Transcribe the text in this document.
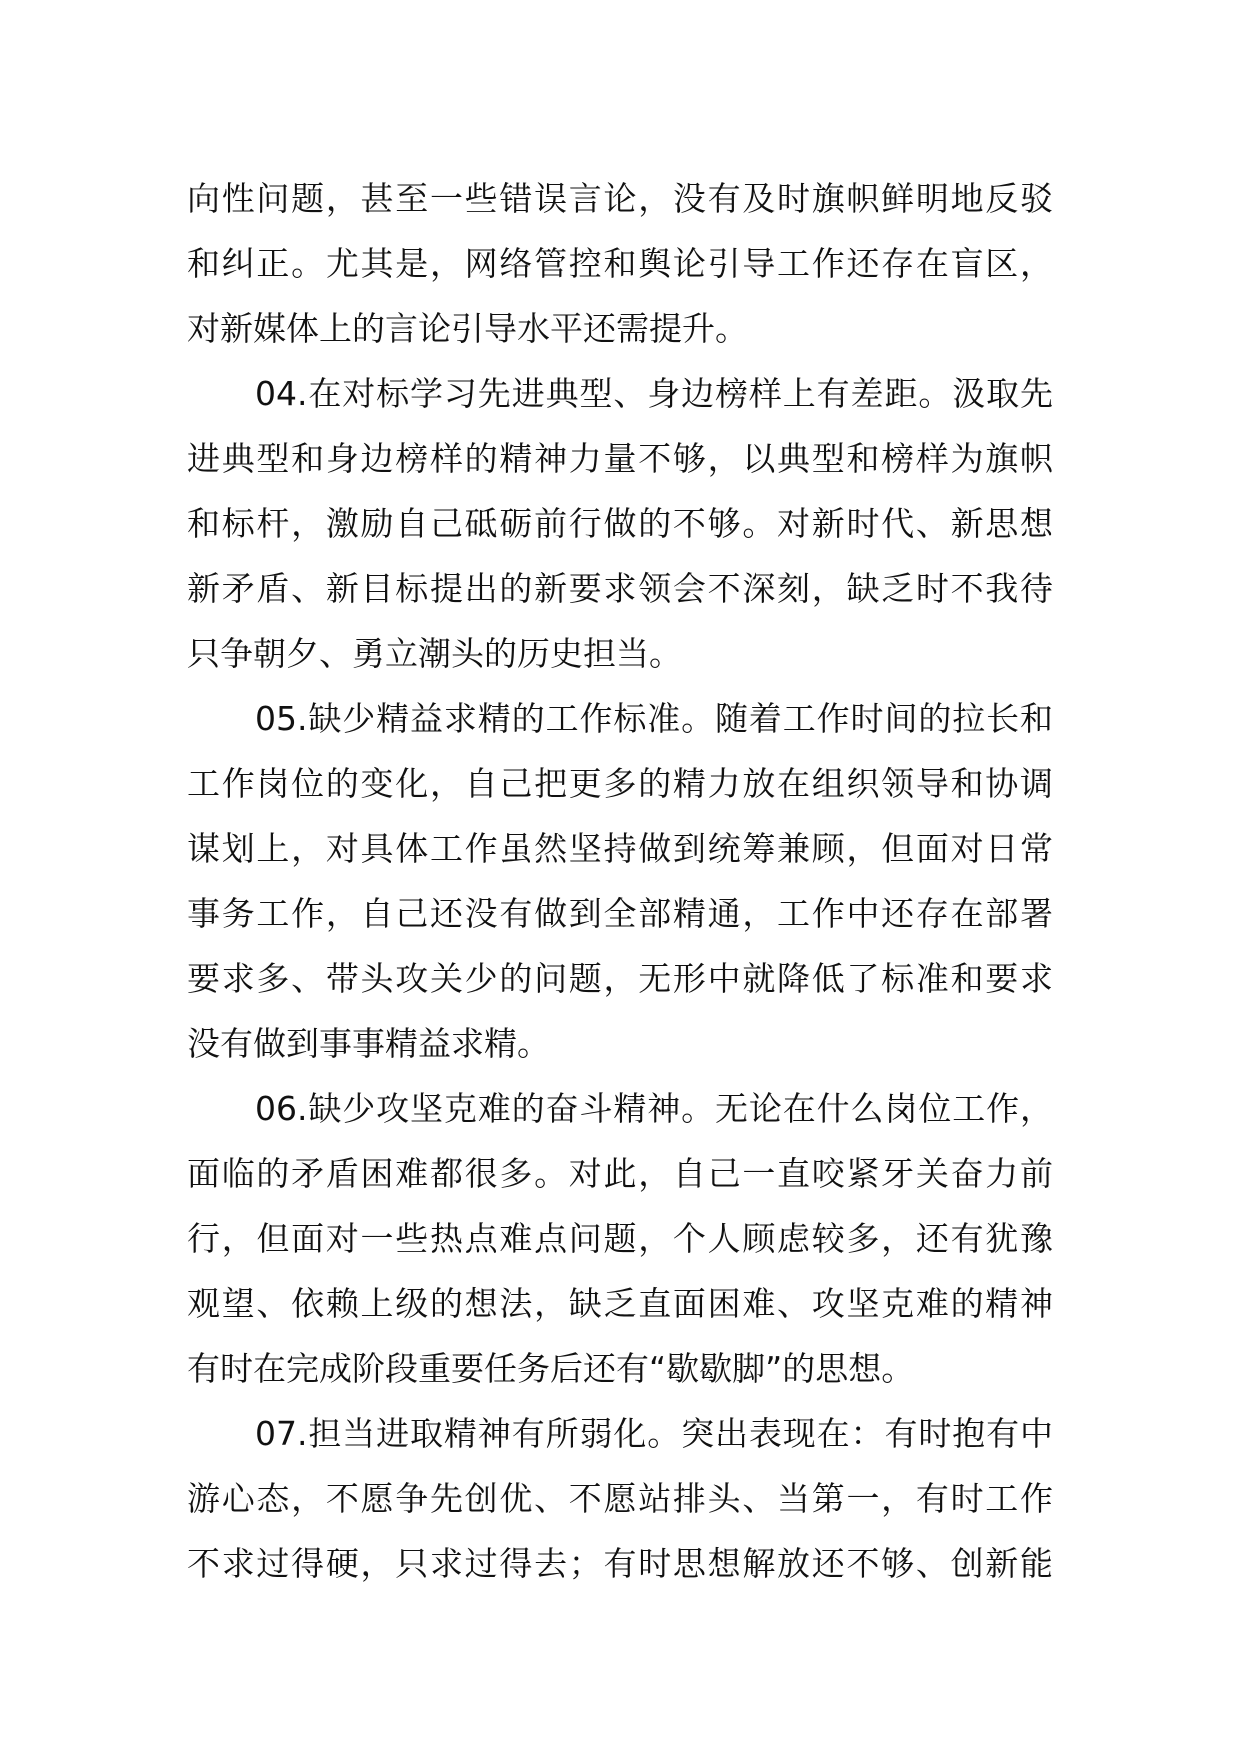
向性问题，甚至一些错误言论，没有及时旗帜鲜明地反驳
和纠正。尤其是，网络管控和舆论引导工作还存在盲区，
对新媒体上的言论引导水平还需提升。
04.在对标学习先进典型、身边榜样上有差距。汲取先
进典型和身边榜样的精神力量不够，以典型和榜样为旗帜
和标杆，激励自己砥砺前行做的不够。对新时代、新思想
新矛盾、新目标提出的新要求领会不深刻，缺乏时不我待
只争朝夕、勇立潮头的历史担当。
05.缺少精益求精的工作标准。随着工作时间的拉长和
工作岗位的变化，自己把更多的精力放在组织领导和协调
谋划上，对具体工作虽然坚持做到统筹兼顾，但面对日常
事务工作，自己还没有做到全部精通，工作中还存在部署
要求多、带头攻关少的问题，无形中就降低了标准和要求
没有做到事事精益求精。
06.缺少攻坚克难的奋斗精神。无论在什么岗位工作，
面临的矛盾困难都很多。对此，自己一直咬紧牙关奋力前
行，但面对一些热点难点问题，个人顾虑较多，还有犹豫
观望、依赖上级的想法，缺乏直面困难、攻坚克难的精神
有时在完成阶段重要任务后还有“歇歇脚”的思想。
07.担当进取精神有所弱化。突出表现在：有时抱有中
游心态，不愿争先创优、不愿站排头、当第一，有时工作
不求过得硬，只求过得去；有时思想解放还不够、创新能
